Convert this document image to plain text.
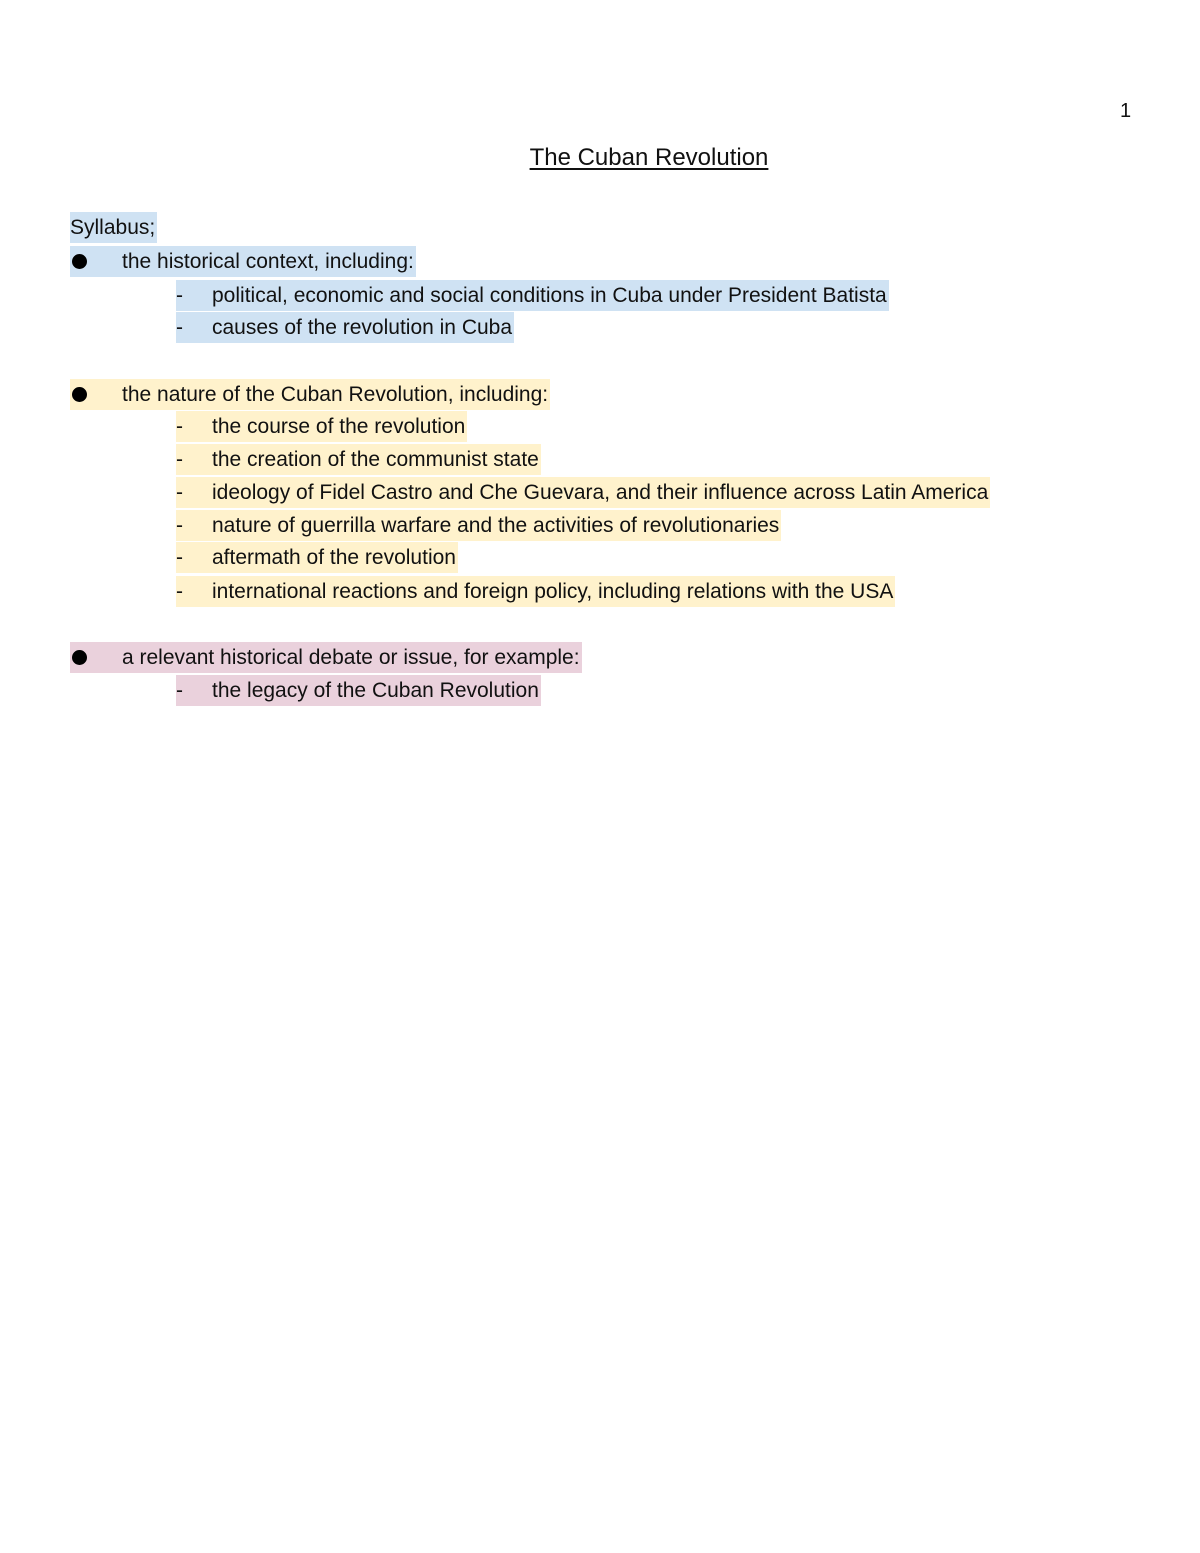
1
The Cuban Revolution
Syllabus;
the historical context, including:
- political, economic and social conditions in Cuba under President Batista
- causes of the revolution in Cuba
the nature of the Cuban Revolution, including:
- the course of the revolution
- the creation of the communist state
- ideology of Fidel Castro and Che Guevara, and their influence across Latin America
- nature of guerrilla warfare and the activities of revolutionaries
- aftermath of the revolution
- international reactions and foreign policy, including relations with the USA
a relevant historical debate or issue, for example:
- the legacy of the Cuban Revolution
